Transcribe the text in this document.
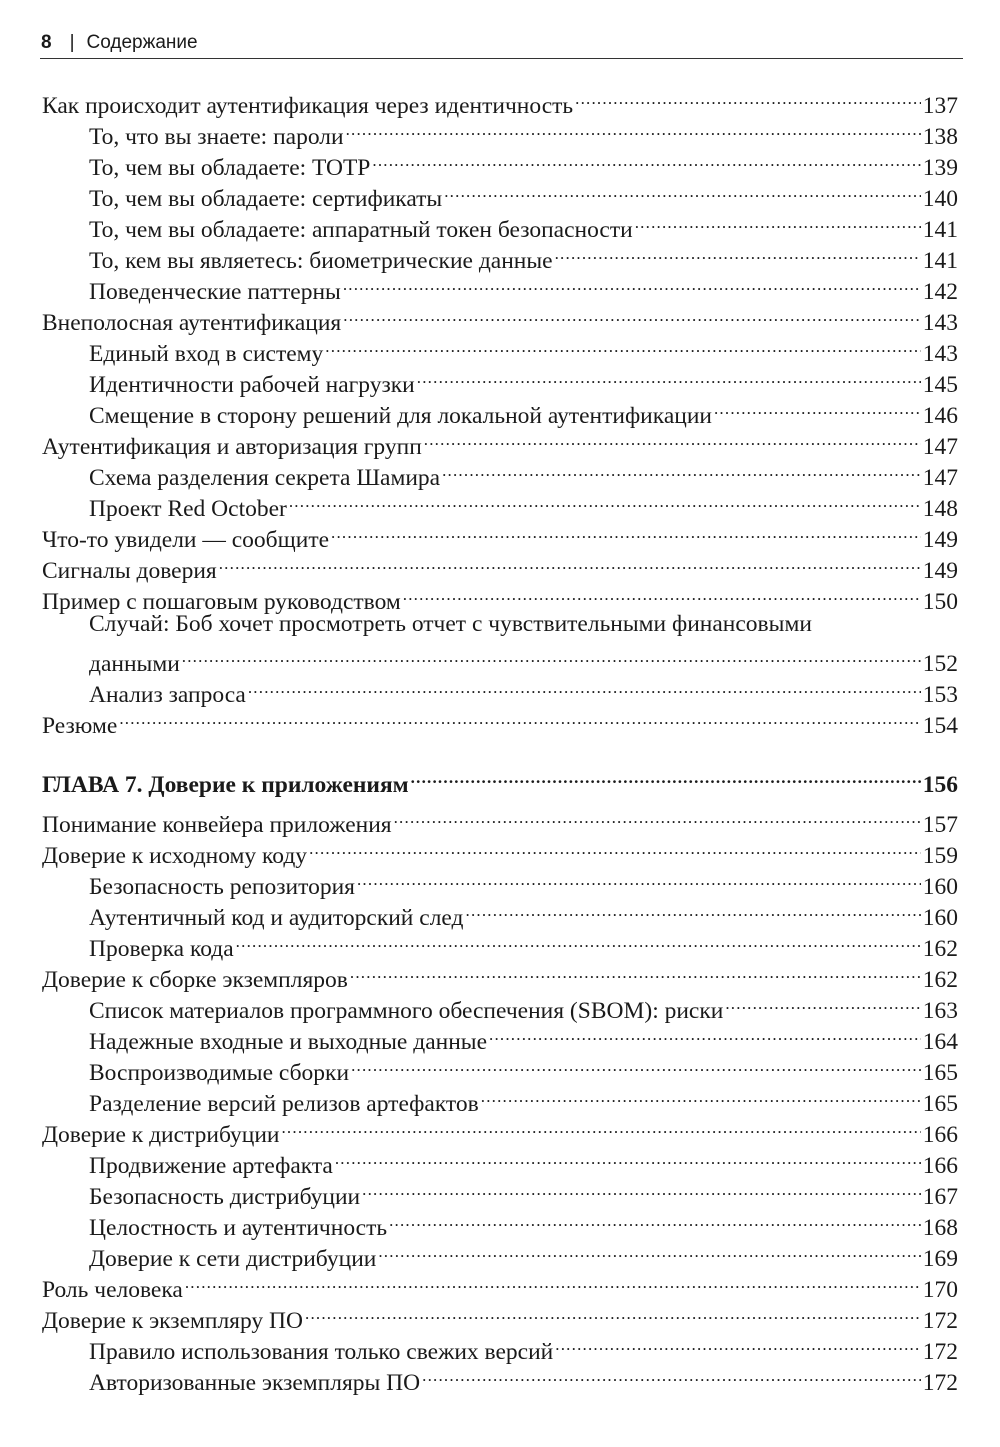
8 | Содержание
Как происходит аутентификация через идентичность .....	137
То, что вы знаете: пароли .....	138
То, чем вы обладаете: TOTP .....	139
То, чем вы обладаете: сертификаты .....	140
То, чем вы обладаете: аппаратный токен безопасности .....	141
То, кем вы являетесь: биометрические данные .....	141
Поведенческие паттерны .....	142
Внеполосная аутентификация .....	143
Единый вход в систему .....	143
Идентичности рабочей нагрузки .....	145
Смещение в сторону решений для локальной аутентификации .....	146
Аутентификация и авторизация групп .....	147
Схема разделения секрета Шамира .....	147
Проект Red October .....	148
Что-то увидели — сообщите .....	149
Сигналы доверия .....	149
Пример с пошаговым руководством .....	150
Случай: Боб хочет просмотреть отчет с чувствительными финансовыми
данными .....	152
Анализ запроса .....	153
Резюме .....	154
ГЛАВА 7. Доверие к приложениям .....	156
Понимание конвейера приложения .....	157
Доверие к исходному коду .....	159
Безопасность репозитория .....	160
Аутентичный код и аудиторский след .....	160
Проверка кода .....	162
Доверие к сборке экземпляров .....	162
Список материалов программного обеспечения (SBOM): риски .....	163
Надежные входные и выходные данные .....	164
Воспроизводимые сборки .....	165
Разделение версий релизов артефактов .....	165
Доверие к дистрибуции .....	166
Продвижение артефакта .....	166
Безопасность дистрибуции .....	167
Целостность и аутентичность .....	168
Доверие к сети дистрибуции .....	169
Роль человека .....	170
Доверие к экземпляру ПО .....	172
Правило использования только свежих версий .....	172
Авторизованные экземпляры ПО .....	172
